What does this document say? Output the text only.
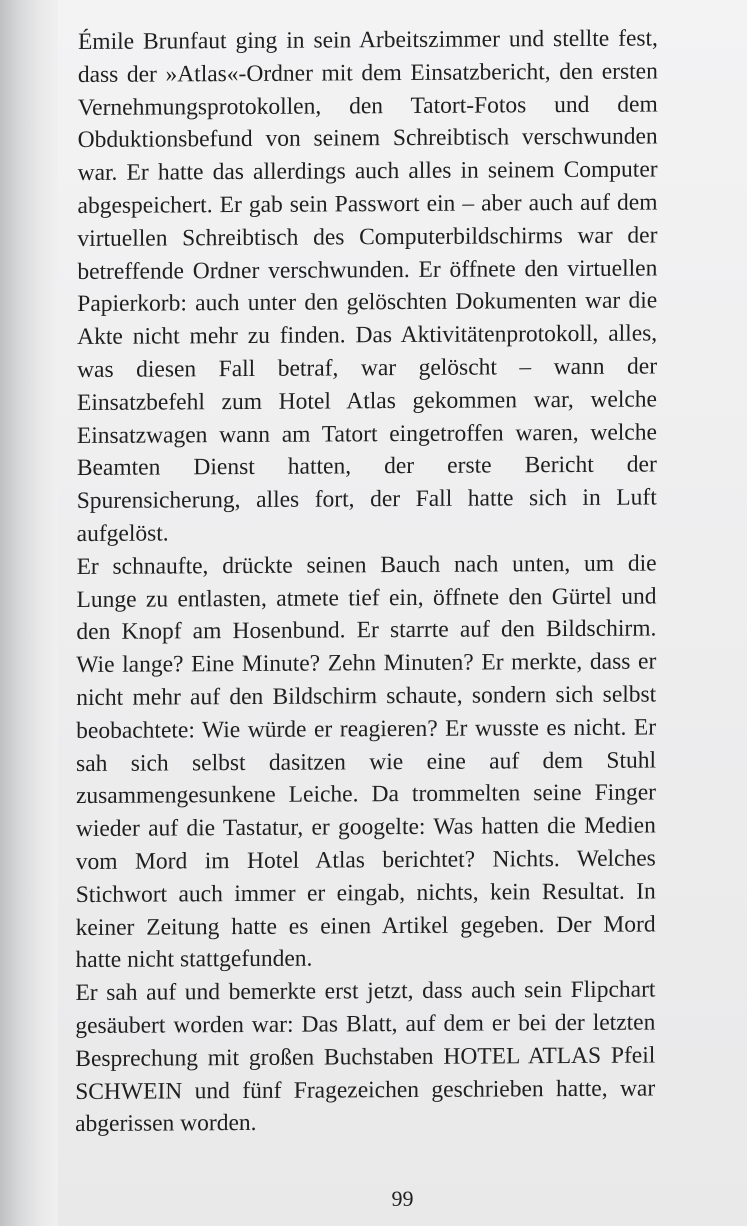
Émile Brunfaut ging in sein Arbeitszimmer und stellte fest, dass der »Atlas«-Ordner mit dem Einsatzbericht, den ersten Vernehmungsprotokollen, den Tatort-Fotos und dem Obduktionsbefund von seinem Schreibtisch verschwunden war. Er hatte das allerdings auch alles in seinem Computer abgespeichert. Er gab sein Passwort ein – aber auch auf dem virtuellen Schreibtisch des Computerbildschirms war der betreffende Ordner verschwunden. Er öffnete den virtuellen Papierkorb: auch unter den gelöschten Dokumenten war die Akte nicht mehr zu finden. Das Aktivitätenprotokoll, alles, was diesen Fall betraf, war gelöscht – wann der Einsatzbefehl zum Hotel Atlas gekommen war, welche Einsatzwagen wann am Tatort eingetroffen waren, welche Beamten Dienst hatten, der erste Bericht der Spurensicherung, alles fort, der Fall hatte sich in Luft aufgelöst.

Er schnaufte, drückte seinen Bauch nach unten, um die Lunge zu entlasten, atmete tief ein, öffnete den Gürtel und den Knopf am Hosenbund. Er starrte auf den Bildschirm. Wie lange? Eine Minute? Zehn Minuten? Er merkte, dass er nicht mehr auf den Bildschirm schaute, sondern sich selbst beobachtete: Wie würde er reagieren? Er wusste es nicht. Er sah sich selbst dasitzen wie eine auf dem Stuhl zusammengesunkene Leiche. Da trommelten seine Finger wieder auf die Tastatur, er googelte: Was hatten die Medien vom Mord im Hotel Atlas berichtet? Nichts. Welches Stichwort auch immer er eingab, nichts, kein Resultat. In keiner Zeitung hatte es einen Artikel gegeben. Der Mord hatte nicht stattgefunden.

Er sah auf und bemerkte erst jetzt, dass auch sein Flipchart gesäubert worden war: Das Blatt, auf dem er bei der letzten Besprechung mit großen Buchstaben HOTEL ATLAS Pfeil SCHWEIN und fünf Fragezeichen geschrieben hatte, war abgerissen worden.

99
